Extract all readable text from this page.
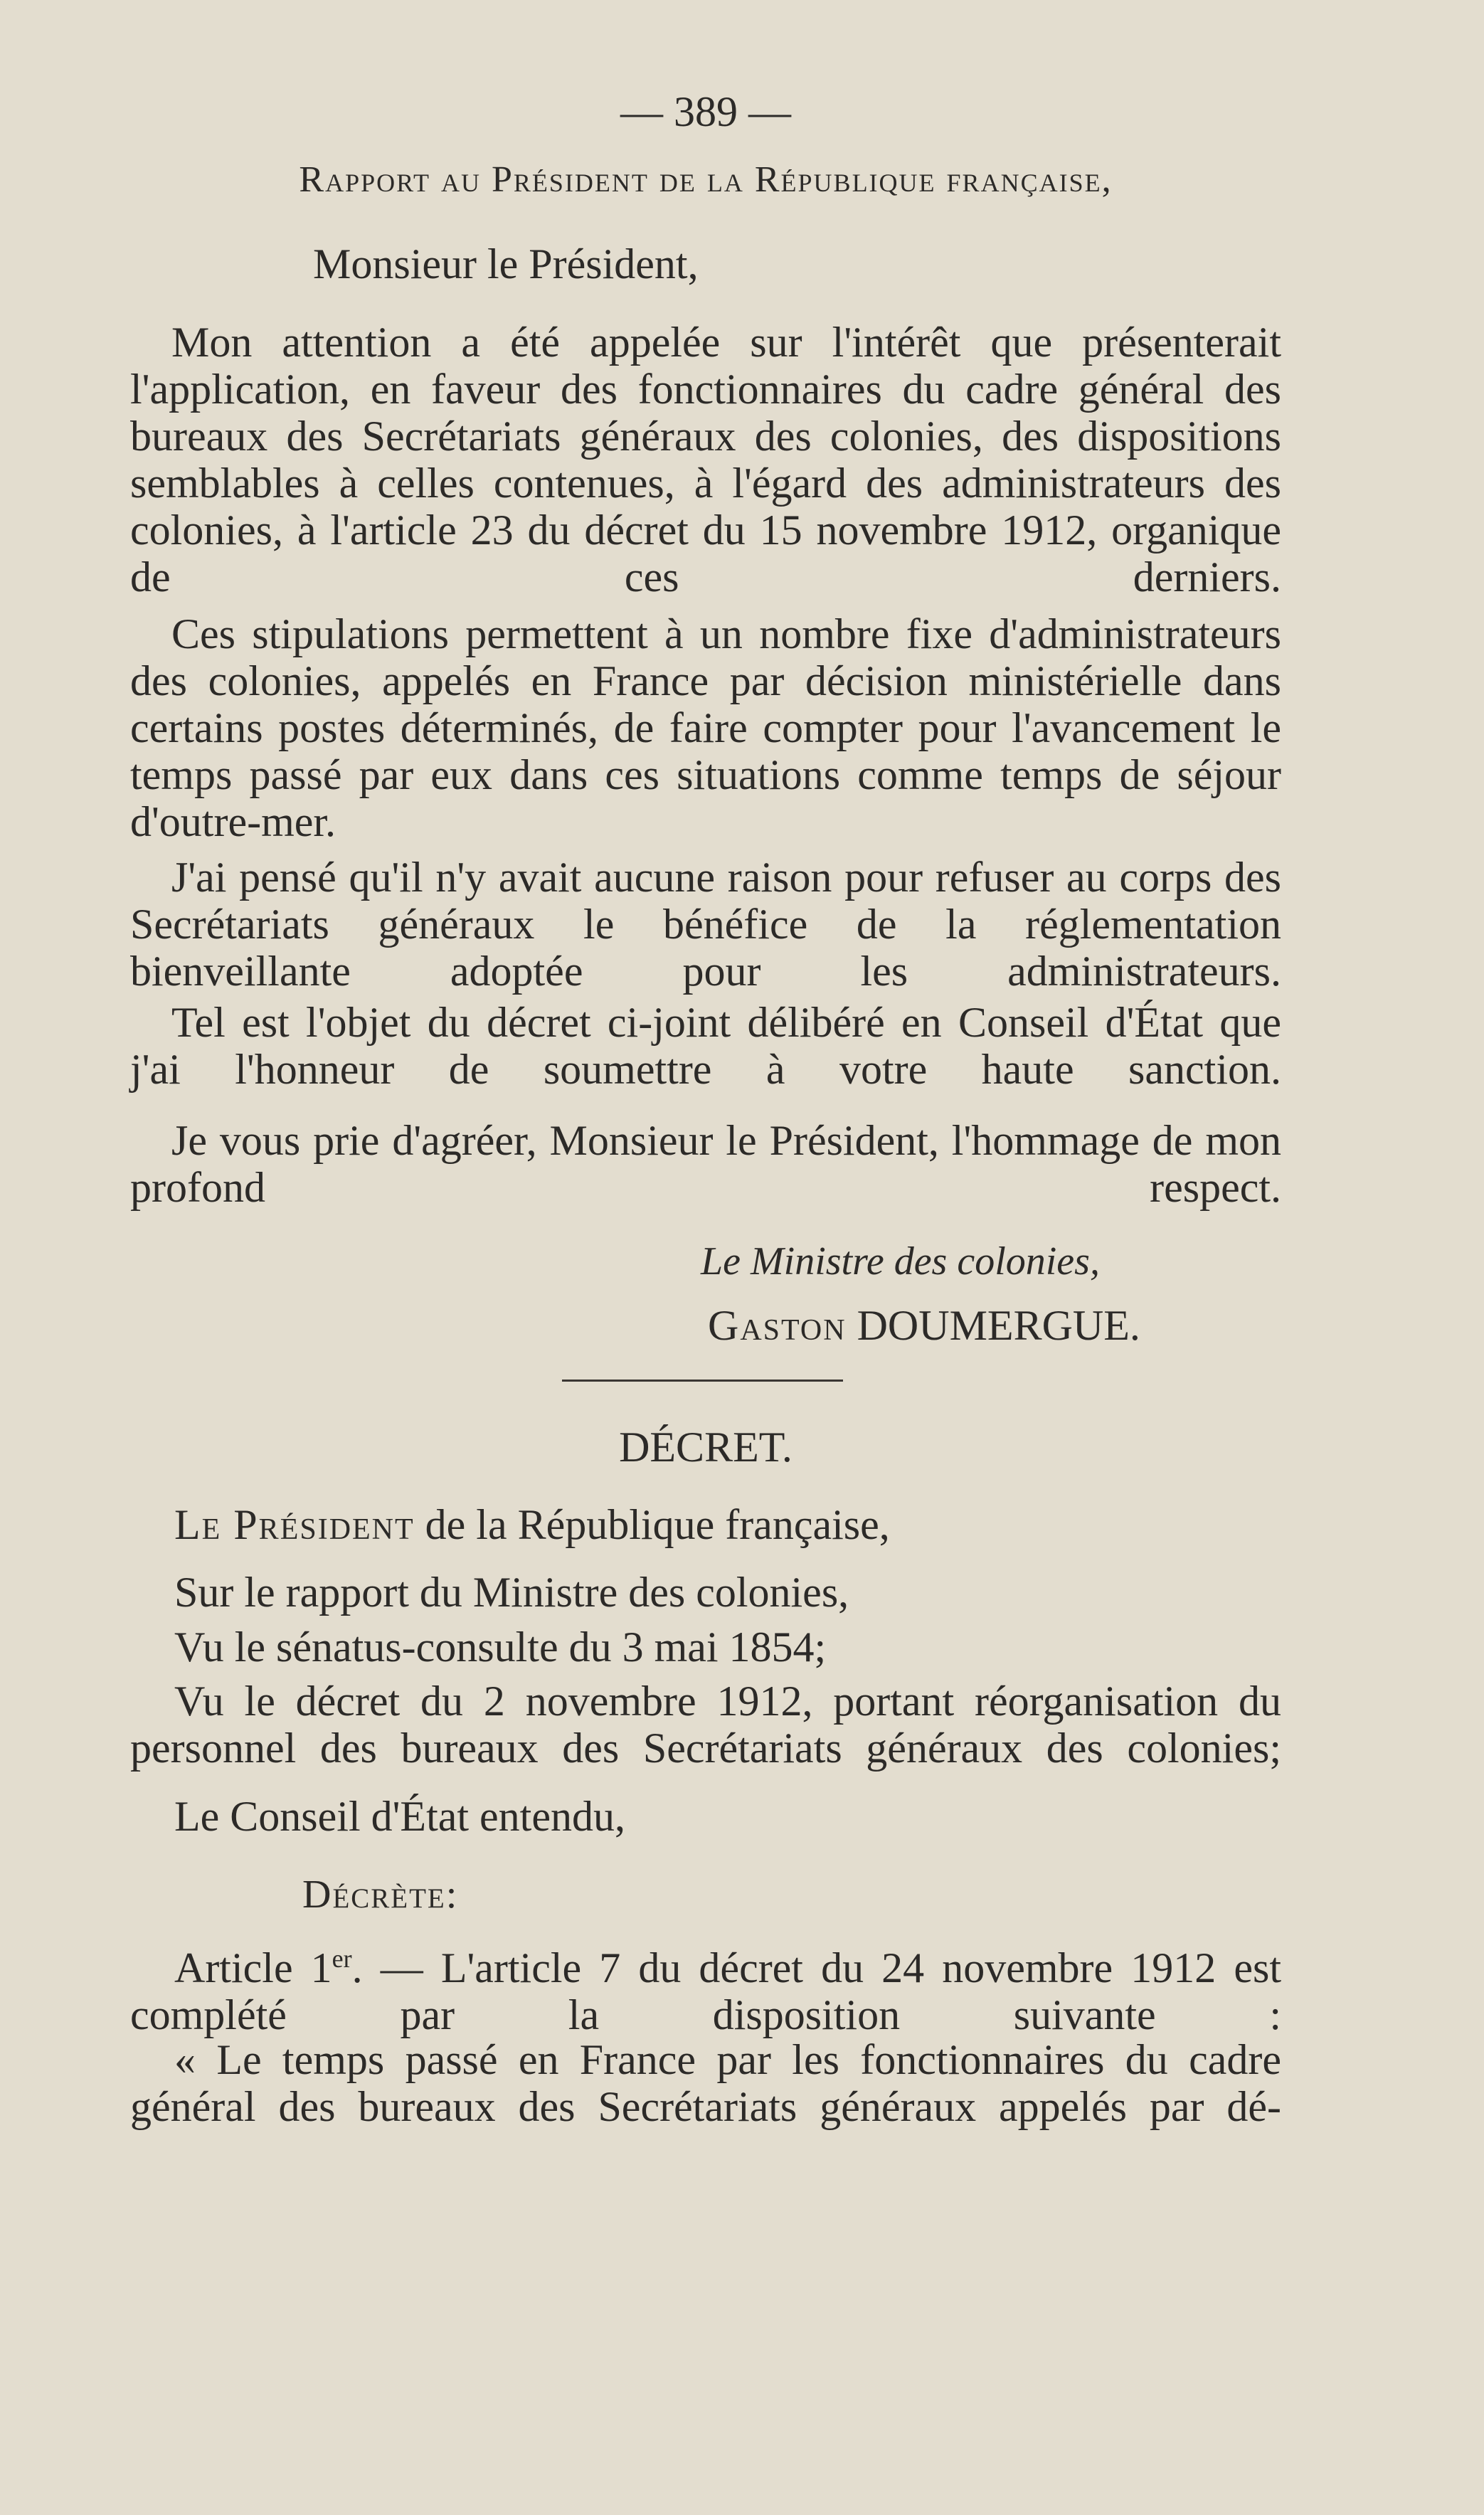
— 389 —
Rapport au Président de la République française,
Monsieur le Président,

Mon attention a été appelée sur l'intérêt que présenterait l'application, en faveur des fonctionnaires du cadre général des bureaux des Secrétariats généraux des colonies, des dispositions semblables à celles contenues, à l'égard des administrateurs des colonies, à l'article 23 du décret du 15 novembre 1912, organique de ces derniers.

Ces stipulations permettent à un nombre fixe d'administrateurs des colonies, appelés en France par décision ministérielle dans certains postes déterminés, de faire compter pour l'avancement le temps passé par eux dans ces situations comme temps de séjour d'outre-mer.

J'ai pensé qu'il n'y avait aucune raison pour refuser au corps des Secrétariats généraux le bénéfice de la réglementation bienveillante adoptée pour les administrateurs.

Tel est l'objet du décret ci-joint délibéré en Conseil d'État que j'ai l'honneur de soumettre à votre haute sanction.

Je vous prie d'agréer, Monsieur le Président, l'hommage de mon profond respect.

Le Ministre des colonies,
Gaston DOUMERGUE.
DÉCRET.
Le Président de la République française,
Sur le rapport du Ministre des colonies,
Vu le sénatus-consulte du 3 mai 1854;

Vu le décret du 2 novembre 1912, portant réorganisation du personnel des bureaux des Secrétariats généraux des colonies;

Le Conseil d'État entendu,
Décrète:

Article 1er. — L'article 7 du décret du 24 novembre 1912 est complété par la disposition suivante :

« Le temps passé en France par les fonctionnaires du cadre général des bureaux des Secrétariats généraux appelés par dé-
